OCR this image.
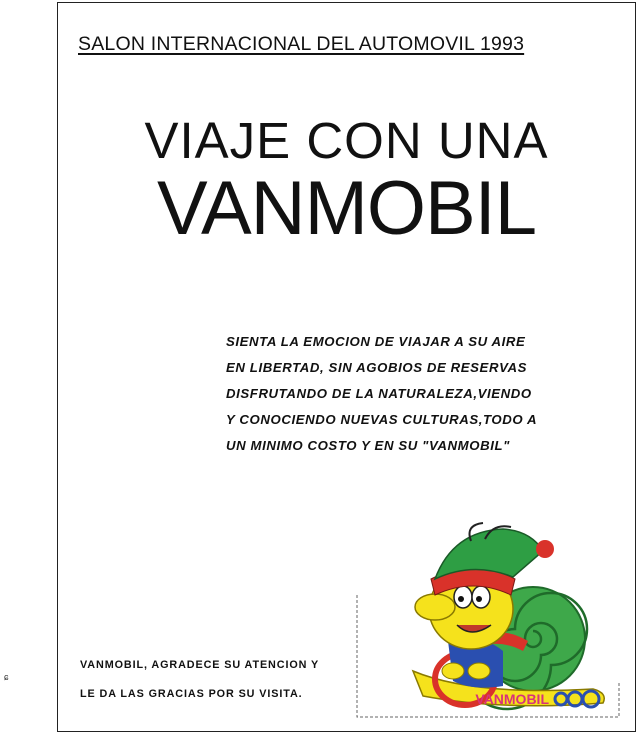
ɕ
SALON INTERNACIONAL DEL AUTOMOVIL 1993
VIAJE CON UNA
VANMOBIL
SIENTA LA EMOCION DE VIAJAR A SU AIRE
EN LIBERTAD, SIN AGOBIOS DE RESERVAS
DISFRUTANDO DE LA NATURALEZA,VIENDO
Y CONOCIENDO NUEVAS CULTURAS,TODO A
UN MINIMO COSTO Y EN SU "VANMOBIL"
VANMOBIL, AGRADECE SU ATENCION Y
LE DA LAS GRACIAS POR SU VISITA.	VANMOBIL
